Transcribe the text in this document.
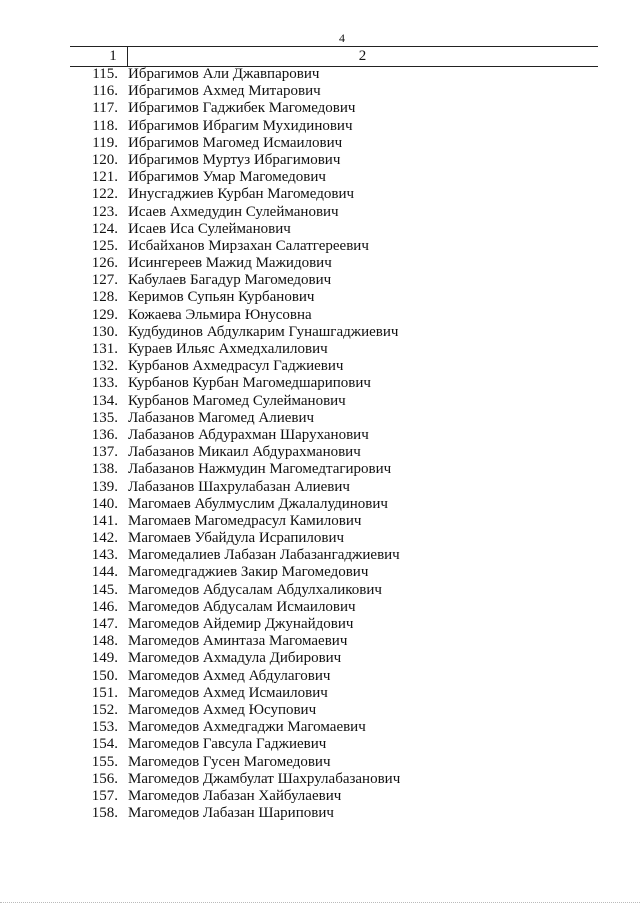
4
1	2
115. Ибрагимов Али Джавпарович
116. Ибрагимов Ахмед Митарович
117. Ибрагимов Гаджибек Магомедович
118. Ибрагимов Ибрагим Мухидинович
119. Ибрагимов Магомед Исмаилович
120. Ибрагимов Муртуз Ибрагимович
121. Ибрагимов Умар Магомедович
122. Инусгаджиев Курбан Магомедович
123. Исаев Ахмедудин Сулейманович
124. Исаев Иса Сулейманович
125. Исбайханов Мирзахан Салатгереевич
126. Исингереев Мажид Мажидович
127. Кабулаев Багадур Магомедович
128. Керимов Супьян Курбанович
129. Кожаева Эльмира Юнусовна
130. Кудбудинов Абдулкарим Гунашгаджиевич
131. Кураев Ильяс Ахмедхалилович
132. Курбанов Ахмедрасул Гаджиевич
133. Курбанов Курбан Магомедшарипович
134. Курбанов Магомед Сулейманович
135. Лабазанов Магомед Алиевич
136. Лабазанов Абдурахман Шаруханович
137. Лабазанов Микаил Абдурахманович
138. Лабазанов Нажмудин Магомедтагирович
139. Лабазанов Шахрулабазан Алиевич
140. Магомаев Абулмуслим Джалалудинович
141. Магомаев Магомедрасул Камилович
142. Магомаев Убайдула Исрапилович
143. Магомедалиев Лабазан Лабазангаджиевич
144. Магомедгаджиев Закир Магомедович
145. Магомедов Абдусалам Абдулхаликович
146. Магомедов Абдусалам Исмаилович
147. Магомедов Айдемир Джунайдович
148. Магомедов Аминтаза Магомаевич
149. Магомедов Ахмадула Дибирович
150. Магомедов Ахмед Абдулагович
151. Магомедов Ахмед Исмаилович
152. Магомедов Ахмед Юсупович
153. Магомедов Ахмедгаджи Магомаевич
154. Магомедов Гавсула Гаджиевич
155. Магомедов Гусен Магомедович
156. Магомедов Джамбулат Шахрулабазанович
157. Магомедов Лабазан Хайбулаевич
158. Магомедов Лабазан Шарипович
